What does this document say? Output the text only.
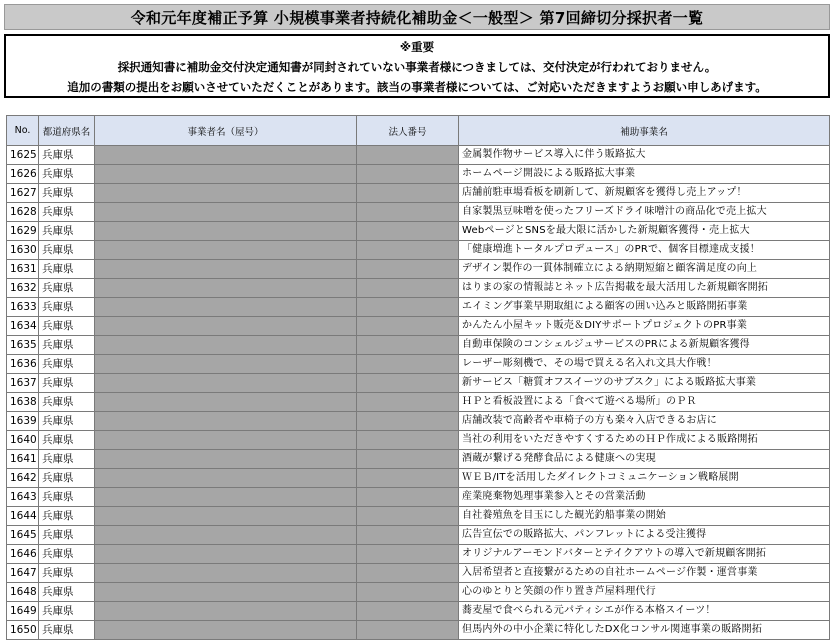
令和元年度補正予算 小規模事業者持続化補助金＜一般型＞ 第7回締切分採択者一覧
※重要
採択通知書に補助金交付決定通知書が同封されていない事業者様につきましては、交付決定が行われておりません。
追加の書類の提出をお願いさせていただくことがあります。該当の事業者様については、ご対応いただきますようお願い申しあげます。
No.	都道府県名	事業者名（屋号）	法人番号	補助事業名
1625	兵庫県			金属製作物サービス導入に伴う販路拡大
1626	兵庫県			ホームページ開設による販路拡大事業
1627	兵庫県			店舗前駐車場看板を刷新して、新規顧客を獲得し売上アップ！
1628	兵庫県			自家製黒豆味噌を使ったフリーズドライ味噌汁の商品化で売上拡大
1629	兵庫県			WebページとSNSを最大限に活かした新規顧客獲得・売上拡大
1630	兵庫県			「健康増進トータルプロデュース」のPRで、個客目標達成支援！
1631	兵庫県			デザイン製作の一貫体制確立による納期短縮と顧客満足度の向上
1632	兵庫県			はりまの家の情報誌とネット広告掲載を最大活用した新規顧客開拓
1633	兵庫県			エイミング事業早期取組による顧客の囲い込みと販路開拓事業
1634	兵庫県			かんたん小屋キット販売＆DIYサポートプロジェクトのPR事業
1635	兵庫県			自動車保険のコンシェルジュサービスのPRによる新規顧客獲得
1636	兵庫県			レーザー彫刻機で、その場で買える名入れ文具大作戦！
1637	兵庫県			新サービス「糖質オフスイーツのサブスク」による販路拡大事業
1638	兵庫県			ＨＰと看板設置による「食べて遊べる場所」のＰＲ
1639	兵庫県			店舗改装で高齢者や車椅子の方も楽々入店できるお店に
1640	兵庫県			当社の利用をいただきやすくするためのＨＰ作成による販路開拓
1641	兵庫県			酒蔵が繋げる発酵食品による健康への実現
1642	兵庫県			ＷＥＢ/ITを活用したダイレクトコミュニケーション戦略展開
1643	兵庫県			産業廃棄物処理事業参入とその営業活動
1644	兵庫県			自社養殖魚を目玉にした観光釣船事業の開始
1645	兵庫県			広告宣伝での販路拡大、パンフレットによる受注獲得
1646	兵庫県			オリジナルアーモンドバターとテイクアウトの導入で新規顧客開拓
1647	兵庫県			入居希望者と直接繋がるための自社ホームページ作製・運営事業
1648	兵庫県			心のゆとりと笑顔の作り置き芦屋料理代行
1649	兵庫県			蕎麦屋で食べられる元パティシエが作る本格スイーツ！
1650	兵庫県			但馬内外の中小企業に特化したDX化コンサル関連事業の販路開拓
